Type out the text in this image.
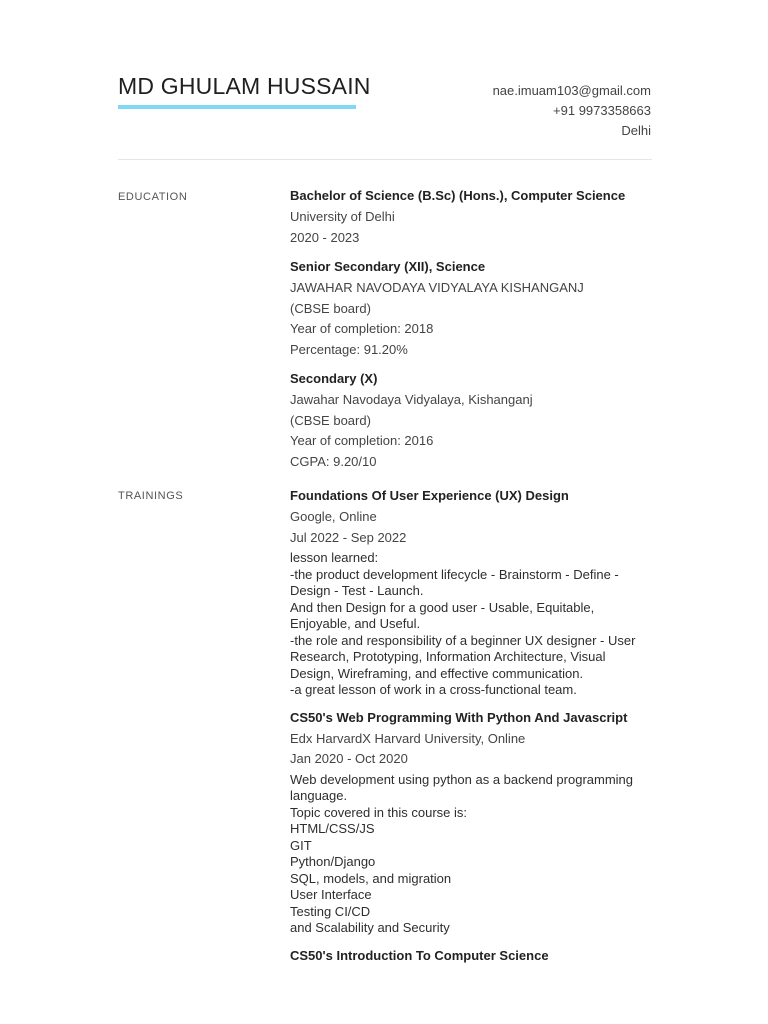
MD GHULAM HUSSAIN	nae.imuam103@gmail.com
+91 9973358663
Delhi
EDUCATION	Bachelor of Science (B.Sc) (Hons.), Computer Science
University of Delhi
2020 - 2023
Senior Secondary (XII), Science
JAWAHAR NAVODAYA VIDYALAYA KISHANGANJ
(CBSE board)
Year of completion: 2018
Percentage: 91.20%
Secondary (X)
Jawahar Navodaya Vidyalaya, Kishanganj
(CBSE board)
Year of completion: 2016
CGPA: 9.20/10
TRAININGS	Foundations Of User Experience (UX) Design
Google, Online
Jul 2022 - Sep 2022
lesson learned:
-the product development lifecycle - Brainstorm - Define - Design - Test - Launch.
And then Design for a good user - Usable, Equitable, Enjoyable, and Useful.
-the role and responsibility of a beginner UX designer - User Research, Prototyping, Information Architecture, Visual Design, Wireframing, and effective communication.
-a great lesson of work in a cross-functional team.
CS50's Web Programming With Python And Javascript
Edx HarvardX Harvard University, Online
Jan 2020 - Oct 2020
Web development using python as a backend programming language.
Topic covered in this course is:
HTML/CSS/JS
GIT
Python/Django
SQL, models, and migration
User Interface
Testing CI/CD
and Scalability and Security
CS50's Introduction To Computer Science
